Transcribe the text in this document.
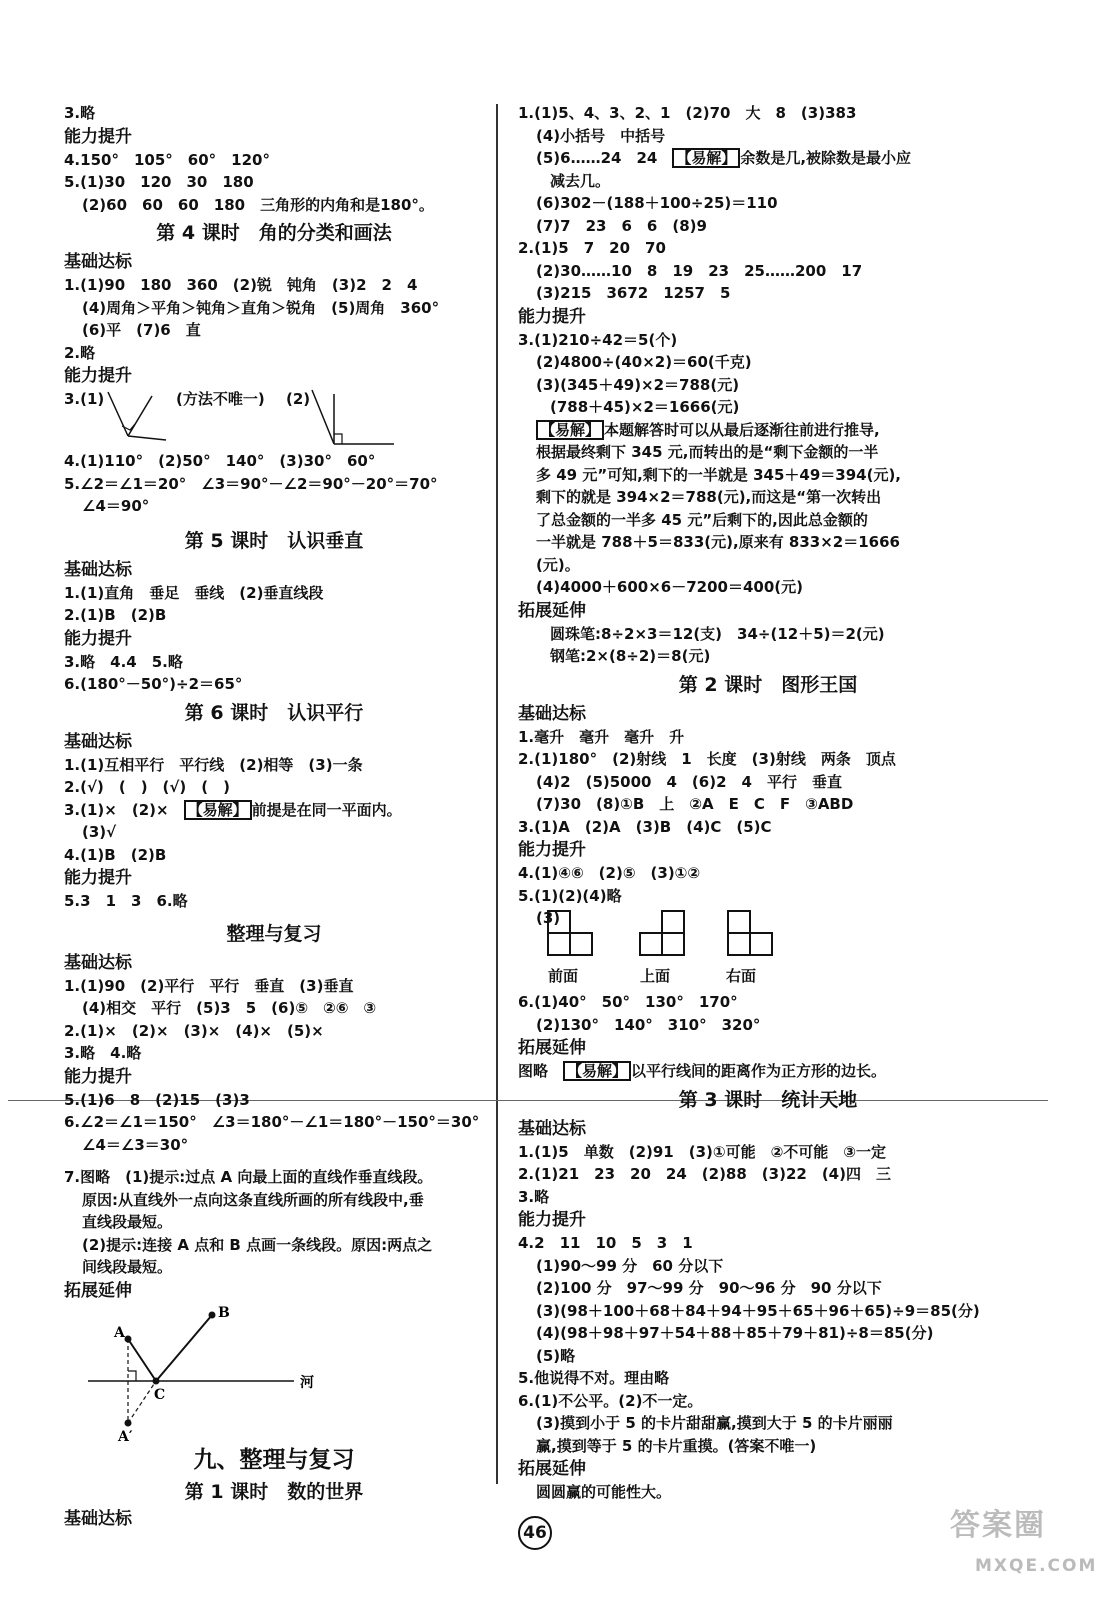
3.略
能力提升
4.150°　105°　60°　120°
5.(1)30　120　30　180
(2)60　60　60　180　三角形的内角和是180°。
第 4 课时　角的分类和画法
基础达标
1.(1)90　180　360　(2)锐　钝角　(3)2　2　4
(4)周角＞平角＞钝角＞直角＞锐角　(5)周角　360°
(6)平　(7)6　直
2.略
能力提升
3.(1)	(方法不唯一) (2)
4.(1)110°　(2)50°　140°　(3)30°　60°
5.∠2＝∠1＝20°　∠3＝90°－∠2＝90°－20°＝70°
∠4＝90°
第 5 课时　认识垂直
基础达标
1.(1)直角　垂足　垂线　(2)垂直线段
2.(1)B　(2)B
能力提升
3.略　4.4　5.略
6.(180°－50°)÷2＝65°
第 6 课时　认识平行
基础达标
1.(1)互相平行　平行线　(2)相等　(3)一条
2.(√)　(　)　(√)　(　)
3.(1)×　(2)×　【易解】 前提是在同一平面内。
(3)√
4.(1)B　(2)B
能力提升
5.3　1　3　6.略
整理与复习
基础达标
1.(1)90　(2)平行　平行　垂直　(3)垂直
(4)相交　平行　(5)3　5　(6)⑤　②⑥　③
2.(1)×　(2)×　(3)×　(4)×　(5)×
3.略　4.略
能力提升
5.(1)6　8　(2)15　(3)3
6.∠2＝∠1＝150°　∠3＝180°－∠1＝180°－150°＝30°
∠4＝∠3＝30°
7.图略　(1)提示:过点 A 向最上面的直线作垂直线段。
原因:从直线外一点向这条直线所画的所有线段中,垂
直线段最短。
(2)提示:连接 A 点和 B 点画一条线段。原因:两点之
间线段最短。
拓展延伸
A
B
C
A′
河
九、整理与复习
第 1 课时　数的世界
基础达标
1.(1)5、4、3、2、1　(2)70　大　8　(3)383
(4)小括号　中括号
(5)6……24　24　【易解】 余数是几,被除数是最小应
减去几。
(6)302－(188＋100÷25)＝110
(7)7　23　6　6　(8)9
2.(1)5　7　20　70
(2)30……10　8　19　23　25……200　17
(3)215　3672　1257　5
能力提升
3.(1)210÷42＝5(个)
(2)4800÷(40×2)＝60(千克)
(3)(345＋49)×2＝788(元)
(788＋45)×2＝1666(元)
【易解】 本题解答时可以从最后逐渐往前进行推导,
根据最终剩下 345 元,而转出的是“剩下金额的一半
多 49 元”可知,剩下的一半就是 345＋49＝394(元),
剩下的就是 394×2＝788(元),而这是“第一次转出
了总金额的一半多 45 元”后剩下的,因此总金额的
一半就是 788＋5＝833(元),原来有 833×2＝1666
(元)。
(4)4000＋600×6－7200＝400(元)
拓展延伸
圆珠笔:8÷2×3＝12(支)　34÷(12＋5)＝2(元)
钢笔:2×(8÷2)＝8(元)
第 2 课时　图形王国
基础达标
1.毫升　毫升　毫升　升
2.(1)180°　(2)射线　1　长度　(3)射线　两条　顶点
(4)2　(5)5000　4　(6)2　4　平行　垂直
(7)30　(8)①B　上　②A　E　C　F　③ABD
3.(1)A　(2)A　(3)B　(4)C　(5)C
能力提升
4.(1)④⑥　(2)⑤　(3)①②
5.(1)(2)(4)略
(3)
前面	上面	右面
6.(1)40°　50°　130°　170°
(2)130°　140°　310°　320°
拓展延伸
图略　【易解】 以平行线间的距离作为正方形的边长。
第 3 课时　统计天地
基础达标
1.(1)5　单数　(2)91　(3)①可能　②不可能　③一定
2.(1)21　23　20　24　(2)88　(3)22　(4)四　三
3.略
能力提升
4.2　11　10　5　3　1
(1)90～99 分　60 分以下
(2)100 分　97～99 分　90～96 分　90 分以下
(3)(98＋100＋68＋84＋94＋95＋65＋96＋65)÷9＝85(分)
(4)(98＋98＋97＋54＋88＋85＋79＋81)÷8＝85(分)
(5)略
5.他说得不对。理由略
6.(1)不公平。(2)不一定。
(3)摸到小于 5 的卡片甜甜赢,摸到大于 5 的卡片丽丽
赢,摸到等于 5 的卡片重摸。(答案不唯一)
拓展延伸
圆圆赢的可能性大。
46	答案圈
MXQE.COM
